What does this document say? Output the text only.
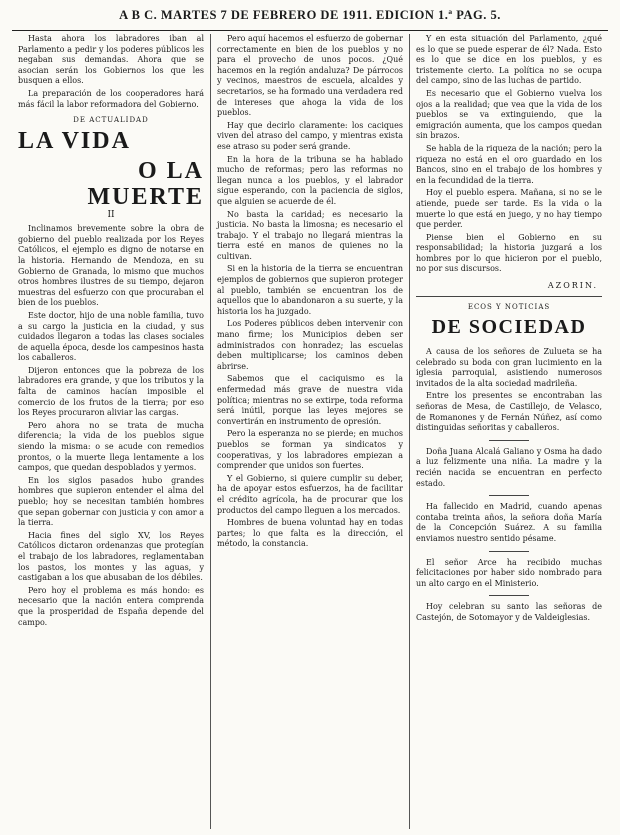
A B C. MARTES 7 DE FEBRERO DE 1911. EDICION 1.ª PAG. 5.

Hasta ahora los labradores iban al Parlamento a pedir y los poderes públicos les negaban sus demandas. Ahora que se asocian serán los Gobiernos los que les busquen a ellos.

La preparación de los cooperadores hará más fácil la labor reformadora del Gobierno.

DE ACTUALIDAD
LA VIDA
O LA MUERTE
II

Inclinamos brevemente sobre la obra de gobierno del pueblo realizada por los Reyes Católicos, el ejemplo es digno de notarse en la historia. Hernando de Mendoza, en su Gobierno de Granada, lo mismo que muchos otros hombres ilustres de su tiempo, dejaron muestras del esfuerzo con que procuraban el bien de los pueblos.

Este doctor, hijo de una noble familia, tuvo a su cargo la justicia en la ciudad, y sus cuidados llegaron a todas las clases sociales de aquella época, desde los campesinos hasta los caballeros.

Dijeron entonces que la pobreza de los labradores era grande, y que los tributos y la falta de caminos hacían imposible el comercio de los frutos de la tierra; por eso los Reyes procuraron aliviar las cargas.

Pero ahora no se trata de mucha diferencia; la vida de los pueblos sigue siendo la misma: o se acude con remedios prontos, o la muerte llega lentamente a los campos, que quedan despoblados y yermos.

En los siglos pasados hubo grandes hombres que supieron entender el alma del pueblo; hoy se necesitan también hombres que sepan gobernar con justicia y con amor a la tierra.

Hacia fines del siglo XV, los Reyes Católicos dictaron ordenanzas que protegían el trabajo de los labradores, reglamentaban los pastos, los montes y las aguas, y castigaban a los que abusaban de los débiles.

Pero hoy el problema es más hondo: es necesario que la nación entera comprenda que la prosperidad de España depende del campo.

Pero aquí hacemos el esfuerzo de gobernar correctamente en bien de los pueblos y no para el provecho de unos pocos. ¿Qué hacemos en la región andaluza? De párrocos y vecinos, maestros de escuela, alcaldes y secretarios, se ha formado una verdadera red de intereses que ahoga la vida de los pueblos.

Hay que decirlo claramente: los caciques viven del atraso del campo, y mientras exista ese atraso su poder será grande.

En la hora de la tribuna se ha hablado mucho de reformas; pero las reformas no llegan nunca a los pueblos, y el labrador sigue esperando, con la paciencia de siglos, que alguien se acuerde de él.

No basta la caridad; es necesario la justicia. No basta la limosna; es necesario el trabajo. Y el trabajo no llegará mientras la tierra esté en manos de quienes no la cultivan.

Si en la historia de la tierra se encuentran ejemplos de gobiernos que supieron proteger al pueblo, también se encuentran los de aquellos que lo abandonaron a su suerte, y la historia los ha juzgado.

Los Poderes públicos deben intervenir con mano firme; los Municipios deben ser administrados con honradez; las escuelas deben multiplicarse; los caminos deben abrirse.

Sabemos que el caciquismo es la enfermedad más grave de nuestra vida política; mientras no se extirpe, toda reforma será inútil, porque las leyes mejores se convertirán en instrumento de opresión.

Pero la esperanza no se pierde; en muchos pueblos se forman ya sindicatos y cooperativas, y los labradores empiezan a comprender que unidos son fuertes.

Y el Gobierno, si quiere cumplir su deber, ha de apoyar estos esfuerzos, ha de facilitar el crédito agrícola, ha de procurar que los productos del campo lleguen a los mercados.

Hombres de buena voluntad hay en todas partes; lo que falta es la dirección, el método, la constancia.

Y en esta situación del Parlamento, ¿qué es lo que se puede esperar de él? Nada. Esto es lo que se dice en los pueblos, y es tristemente cierto. La política no se ocupa del campo, sino de las luchas de partido.

Es necesario que el Gobierno vuelva los ojos a la realidad; que vea que la vida de los pueblos se va extinguiendo, que la emigración aumenta, que los campos quedan sin brazos.

Se habla de la riqueza de la nación; pero la riqueza no está en el oro guardado en los Bancos, sino en el trabajo de los hombres y en la fecundidad de la tierra.

Hoy el pueblo espera. Mañana, si no se le atiende, puede ser tarde. Es la vida o la muerte lo que está en juego, y no hay tiempo que perder.

Piense bien el Gobierno en su responsabilidad; la historia juzgará a los hombres por lo que hicieron por el pueblo, no por sus discursos.

AZORIN.
ECOS Y NOTICIAS
DE SOCIEDAD

A causa de los señores de Zulueta se ha celebrado su boda con gran lucimiento en la iglesia parroquial, asistiendo numerosos invitados de la alta sociedad madrileña.

Entre los presentes se encontraban las señoras de Mesa, de Castillejo, de Velasco, de Romanones y de Fernán Núñez, así como distinguidas señoritas y caballeros.

Doña Juana Alcalá Galiano y Osma ha dado a luz felizmente una niña. La madre y la recién nacida se encuentran en perfecto estado.

Ha fallecido en Madrid, cuando apenas contaba treinta años, la señora doña María de la Concepción Suárez. A su familia enviamos nuestro sentido pésame.

El señor Arce ha recibido muchas felicitaciones por haber sido nombrado para un alto cargo en el Ministerio.

Hoy celebran su santo las señoras de Castejón, de Sotomayor y de Valdeiglesias.
